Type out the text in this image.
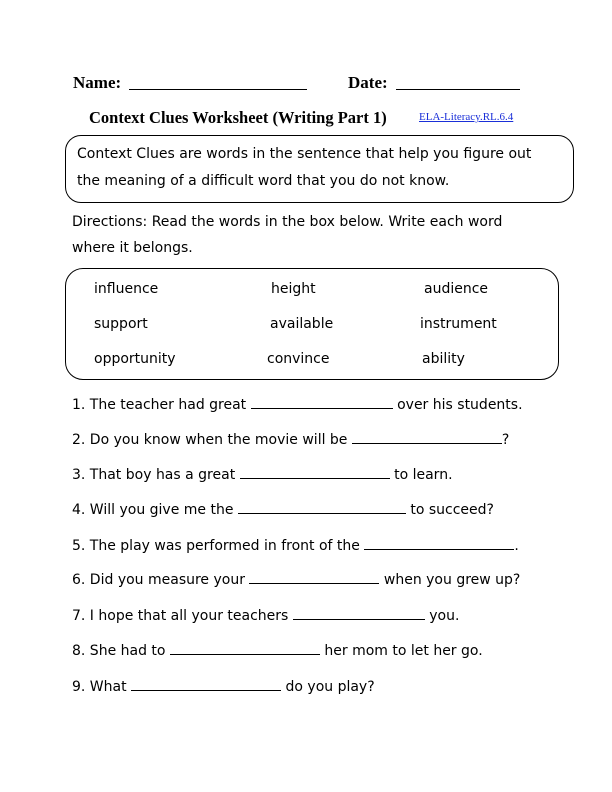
Name:	Date:
Context Clues Worksheet (Writing Part 1)	ELA-Literacy.RL.6.4
Context Clues are words in the sentence that help you figure out
the meaning of a difficult word that you do not know.
Directions: Read the words in the box below. Write each word
where it belongs.
influence	height	audience
support	available	instrument
opportunity	convince	ability
1. The teacher had great	over his students.
2. Do you know when the movie will be	?
3. That boy has a great	to learn.
4. Will you give me the	to succeed?
5. The play was performed in front of the	.
6. Did you measure your	when you grew up?
7. I hope that all your teachers	you.
8. She had to	her mom to let her go.
9. What	do you play?
